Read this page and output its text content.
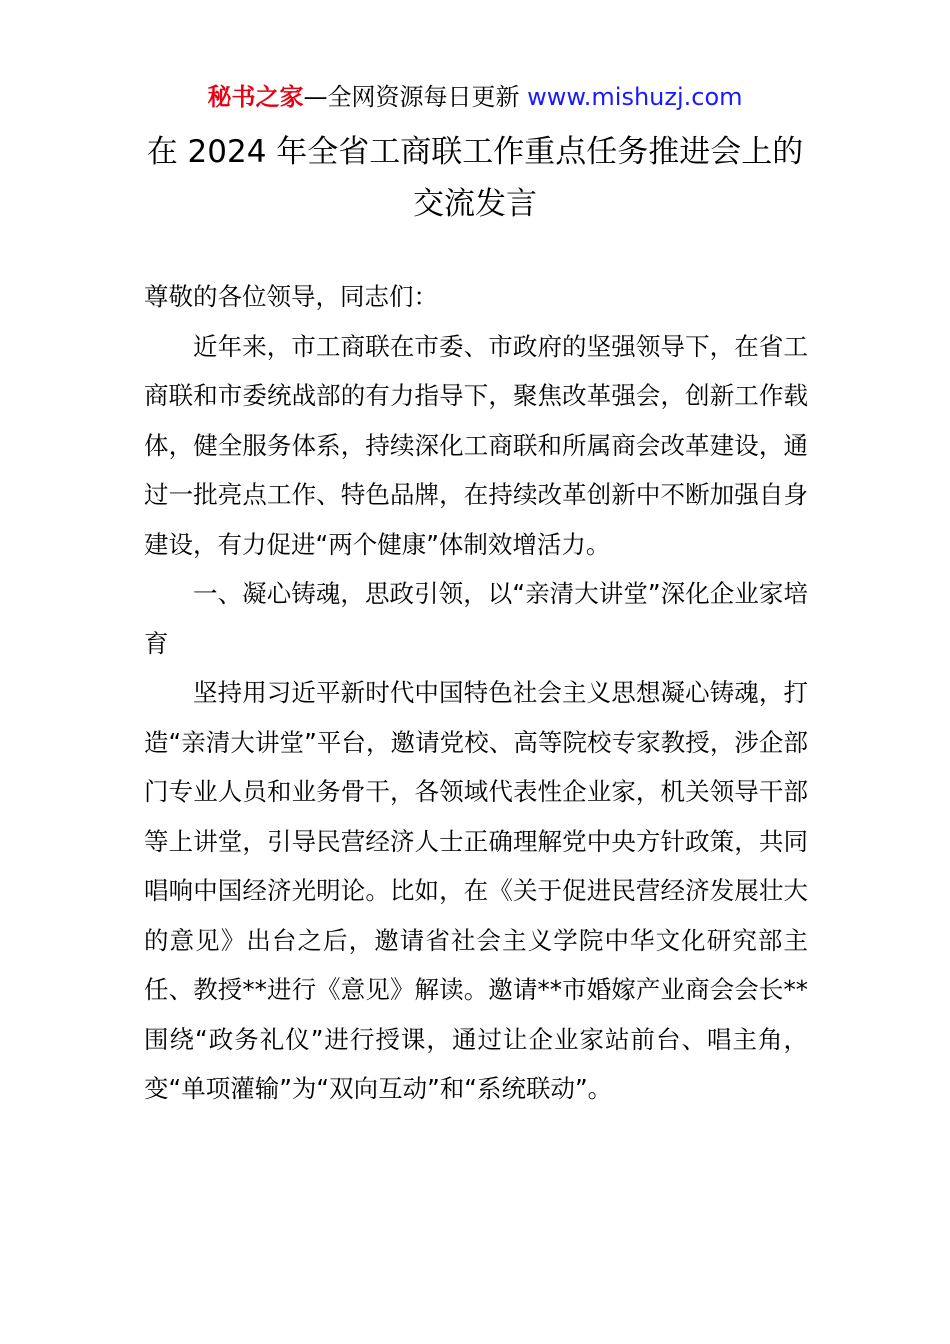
秘书之家—全网资源每日更新 www.mishuzj.com
在 2024 年全省工商联工作重点任务推进会上的
交流发言

尊敬的各位领导，同志们：

近年来，市工商联在市委、市政府的坚强领导下，在省工商联和市委统战部的有力指导下，聚焦改革强会，创新工作载体，健全服务体系，持续深化工商联和所属商会改革建设，通过一批亮点工作、特色品牌，在持续改革创新中不断加强自身建设，有力促进“两个健康”体制效增活力。

一、凝心铸魂，思政引领，以“亲清大讲堂”深化企业家培育

坚持用习近平新时代中国特色社会主义思想凝心铸魂，打造“亲清大讲堂”平台，邀请党校、高等院校专家教授，涉企部门专业人员和业务骨干，各领域代表性企业家，机关领导干部等上讲堂，引导民营经济人士正确理解党中央方针政策，共同唱响中国经济光明论。比如，在《关于促进民营经济发展壮大的意见》出台之后，邀请省社会主义学院中华文化研究部主任、教授**进行《意见》解读。邀请**市婚嫁产业商会会长**围绕“政务礼仪”进行授课，通过让企业家站前台、唱主角，变“单项灌输”为“双向互动”和“系统联动”。
